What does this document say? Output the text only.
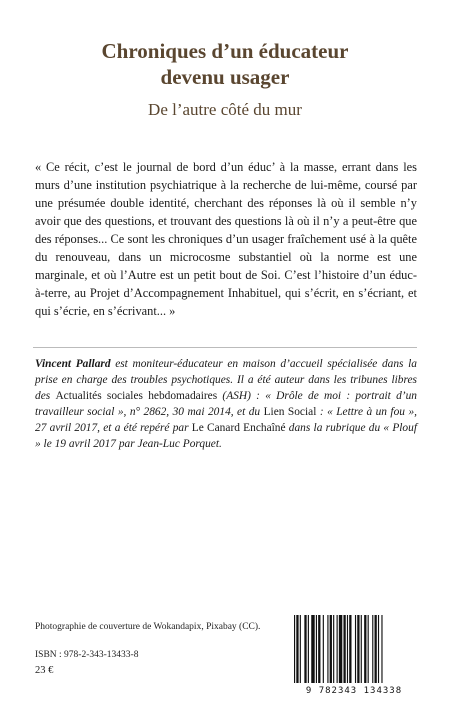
Chroniques d’un éducateur
devenu usager
De l’autre côté du mur
« Ce récit, c’est le journal de bord d’un éduc’ à la masse, errant dans les murs d’une institution psychiatrique à la recherche de lui-même, coursé par une présumée double identité, cherchant des réponses là où il semble n’y avoir que des questions, et trouvant des questions là où il n’y a peut-être que des réponses... Ce sont les chroniques d’un usager fraîchement usé à la quête du renouveau, dans un microcosme substantiel où la norme est une marginale, et où l’Autre est un petit bout de Soi. C’est l’histoire d’un éduc-à-terre, au Projet d’Accompagnement Inhabituel, qui s’écrit, en s’écriant, et qui s’écrie, en s’écrivant... »
Vincent Pallard est moniteur-éducateur en maison d’accueil spécialisée dans la prise en charge des troubles psychotiques. Il a été auteur dans les tribunes libres des Actualités sociales hebdomadaires (ASH) : « Drôle de moi : portrait d’un travailleur social », n° 2862, 30 mai 2014, et du Lien Social : « Lettre à un fou », 27 avril 2017, et a été repéré par Le Canard Enchaîné dans la rubrique du « Plouf » le 19 avril 2017 par Jean-Luc Porquet.
Photographie de couverture de Wokandapix, Pixabay (CC).
ISBN : 978-2-343-13433-8
23 €
9 782343 134338
